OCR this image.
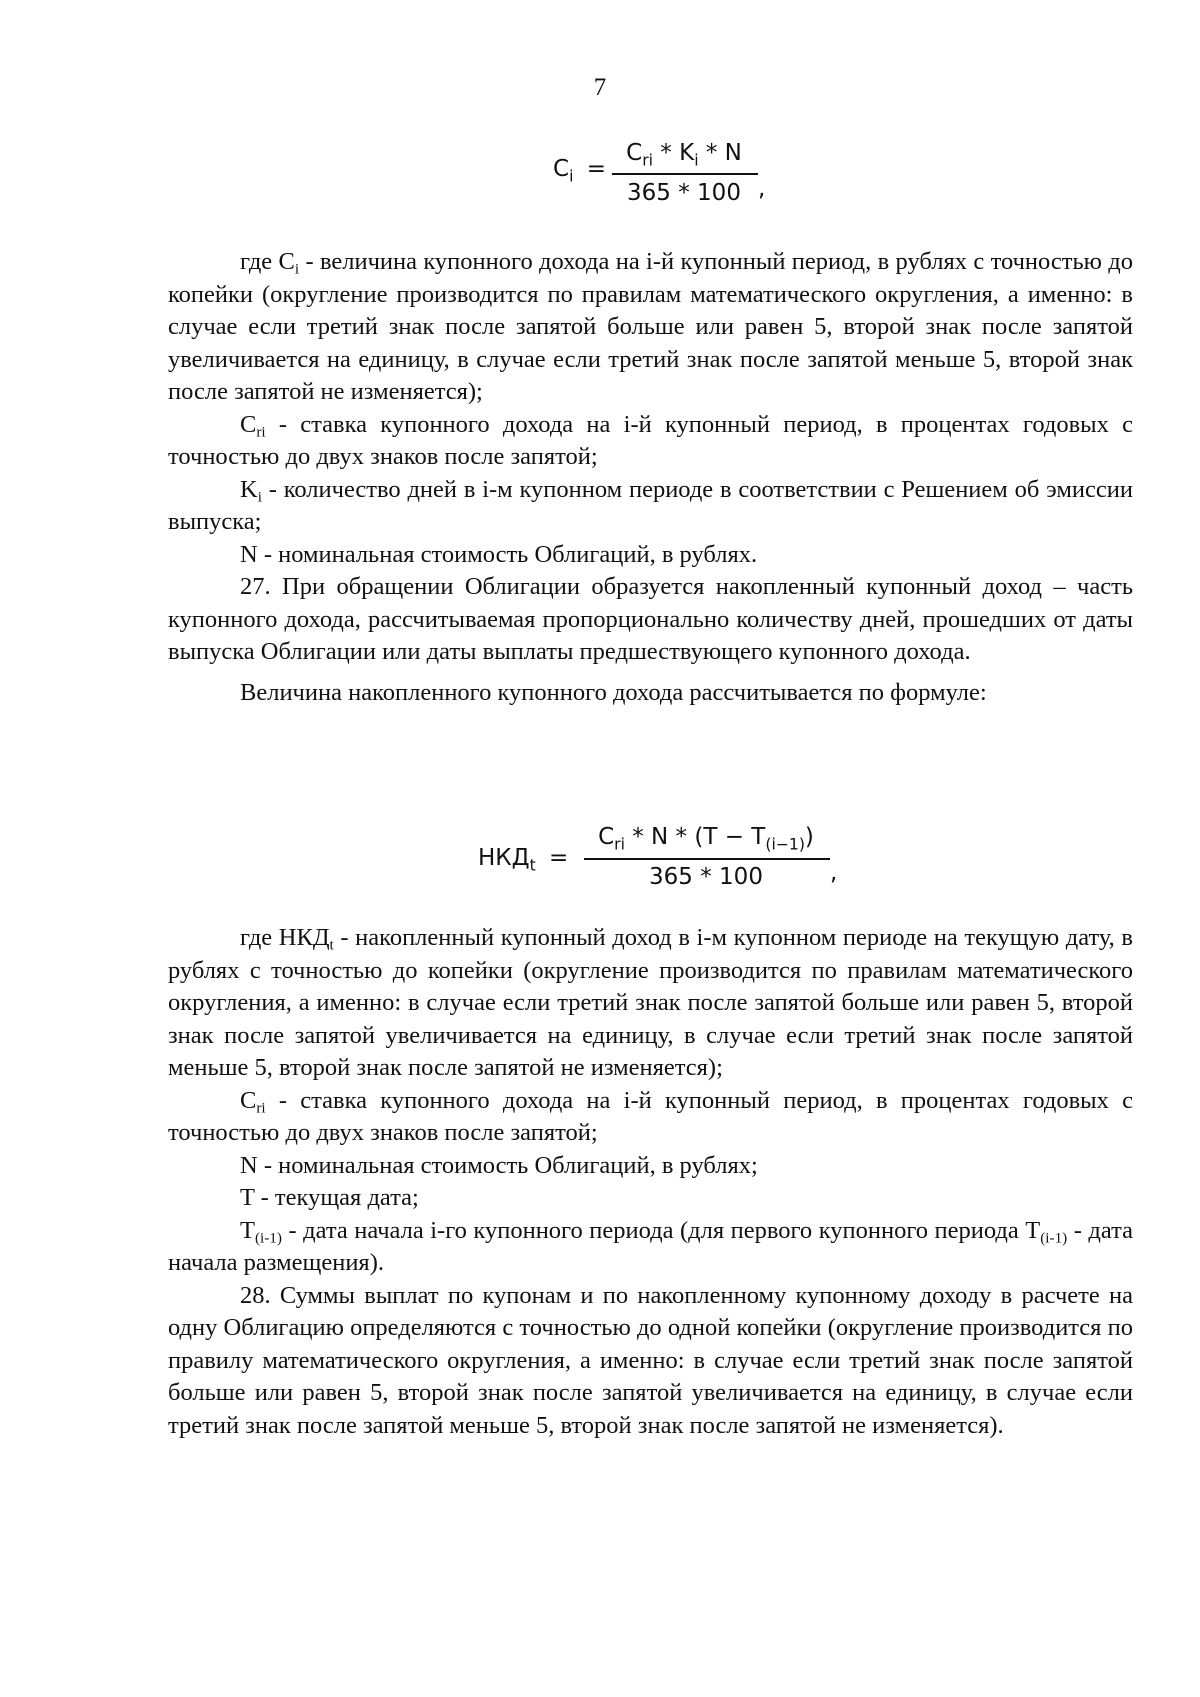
7
$C_i$ =
$C_{ri} * K_i$ * N
365 * 100 ,

где Ci - величина купонного дохода на i-й купонный период, в рублях с точностью до копейки (округление производится по правилам математического округления, а именно: в случае если третий знак после запятой больше или равен 5, второй знак после запятой увеличивается на единицу, в случае если третий знак после запятой меньше 5, второй знак после запятой не изменяется);

Cri - ставка купонного дохода на i-й купонный период, в процентах годовых с точностью до двух знаков после запятой;

Ki - количество дней в i-м купонном периоде в соответствии с Решением об эмиссии выпуска;

N - номинальная стоимость Облигаций, в рублях.

27. При обращении Облигации образуется накопленный купонный доход – часть купонного дохода, рассчитываемая пропорционально количеству дней, прошедших от даты выпуска Облигации или даты выплаты предшествующего купонного дохода.

Величина накопленного купонного дохода рассчитывается по формуле:

$НКД_t$ =
$C_{ri} * N * (T - T_{(i-1)})$
365 * 100	,

где НКДt - накопленный купонный доход в i-м купонном периоде на текущую дату, в рублях с точностью до копейки (округление производится по правилам математического округления, а именно: в случае если третий знак после запятой больше или равен 5, второй знак после запятой увеличивается на единицу, в случае если третий знак после запятой меньше 5, второй знак после запятой не изменяется);

Cri - ставка купонного дохода на i-й купонный период, в процентах годовых с точностью до двух знаков после запятой;

N - номинальная стоимость Облигаций, в рублях;

T - текущая дата;

T(i-1) - дата начала i-го купонного периода (для первого купонного периода T(i-1) - дата начала размещения).

28. Суммы выплат по купонам и по накопленному купонному доходу в расчете на одну Облигацию определяются с точностью до одной копейки (округление производится по правилу математического округления, а именно: в случае если третий знак после запятой больше или равен 5, второй знак после запятой увеличивается на единицу, в случае если третий знак после запятой меньше 5, второй знак после запятой не изменяется).
